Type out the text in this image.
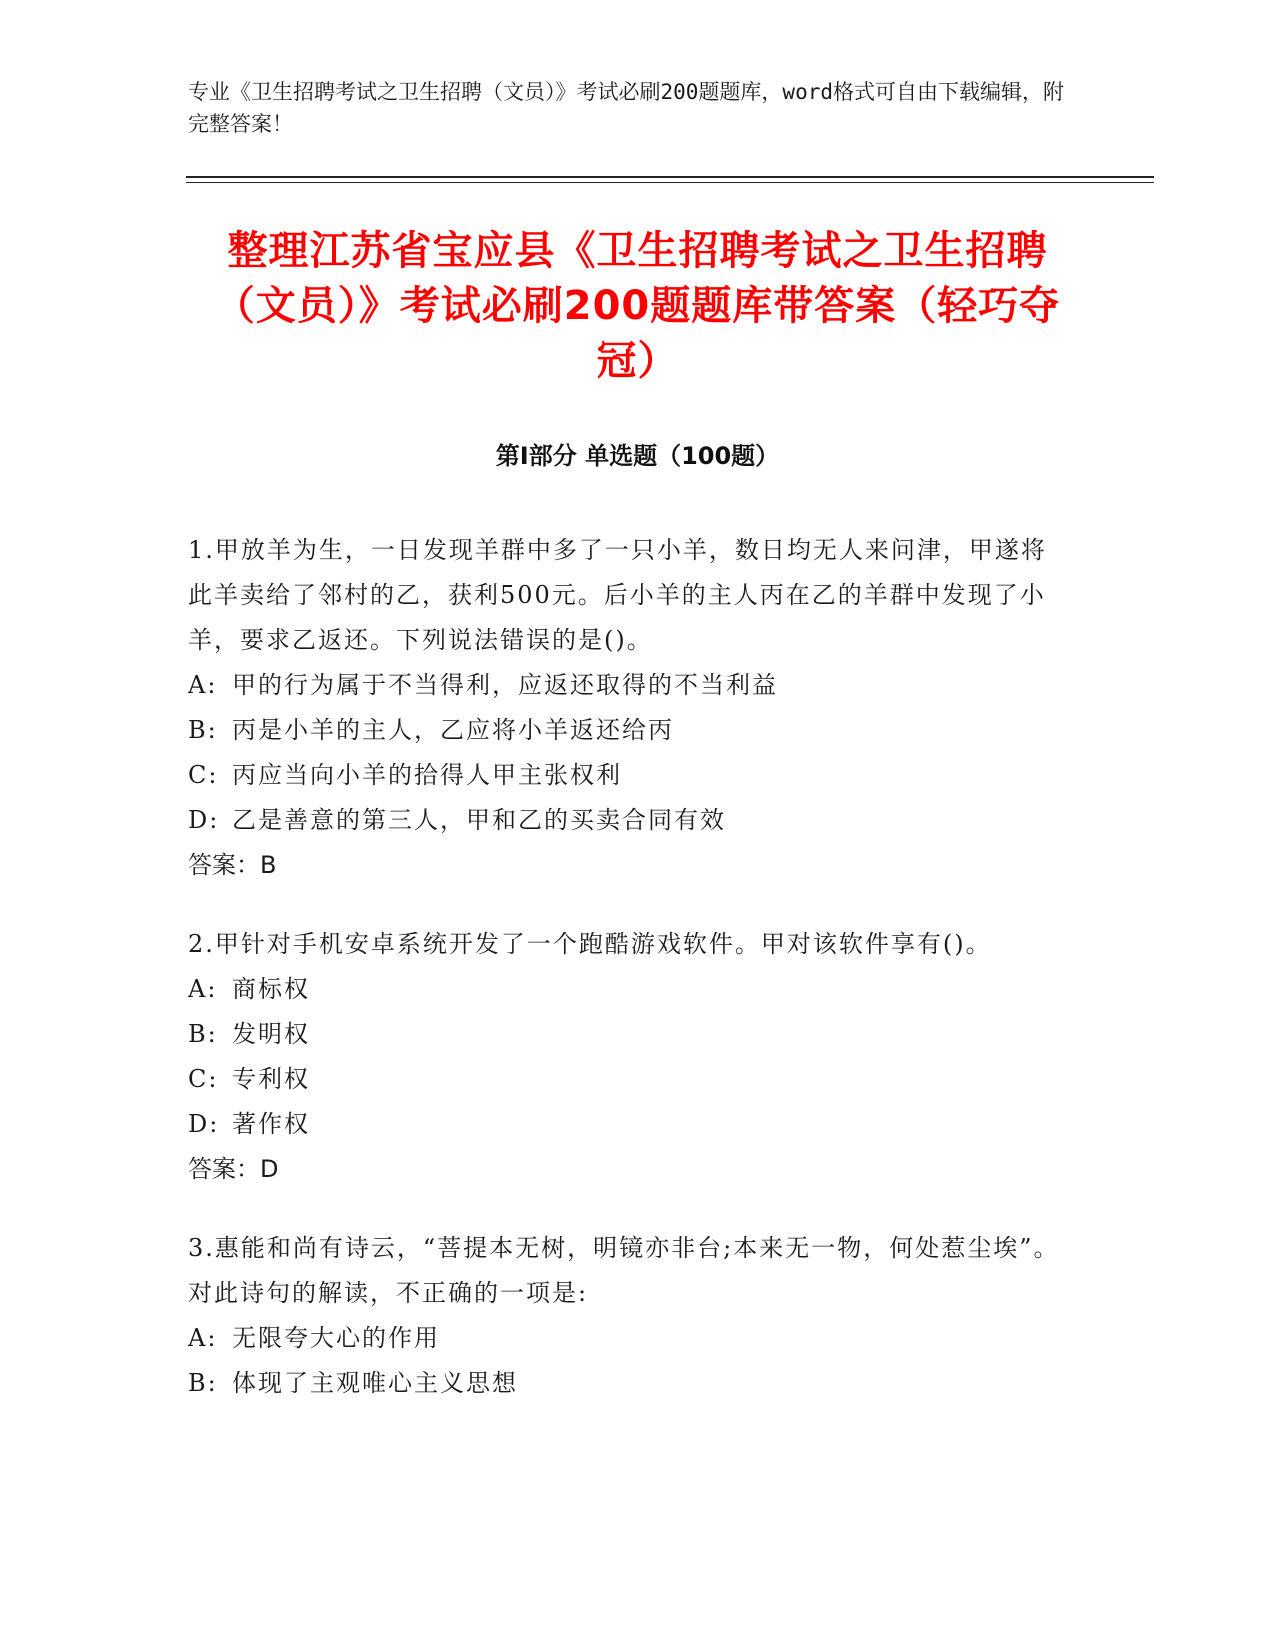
专业《卫生招聘考试之卫生招聘（文员）》考试必刷200题题库，word格式可自由下载编辑，附完整答案！
整理江苏省宝应县《卫生招聘考试之卫生招聘（文员）》考试必刷200题题库带答案（轻巧夺冠）
第Ⅰ部分 单选题（100题）
1.甲放羊为生，一日发现羊群中多了一只小羊，数日均无人来问津，甲遂将此羊卖给了邻村的乙，获利500元。后小羊的主人丙在乙的羊群中发现了小羊，要求乙返还。下列说法错误的是()。
A: 甲的行为属于不当得利，应返还取得的不当利益
B: 丙是小羊的主人，乙应将小羊返还给丙
C: 丙应当向小羊的拾得人甲主张权利
D: 乙是善意的第三人，甲和乙的买卖合同有效
答案：B
2.甲针对手机安卓系统开发了一个跑酷游戏软件。甲对该软件享有()。
A: 商标权
B: 发明权
C: 专利权
D: 著作权
答案：D
3.惠能和尚有诗云，“菩提本无树，明镜亦非台;本来无一物，何处惹尘埃”。对此诗句的解读，不正确的一项是:
A: 无限夸大心的作用
B: 体现了主观唯心主义思想
